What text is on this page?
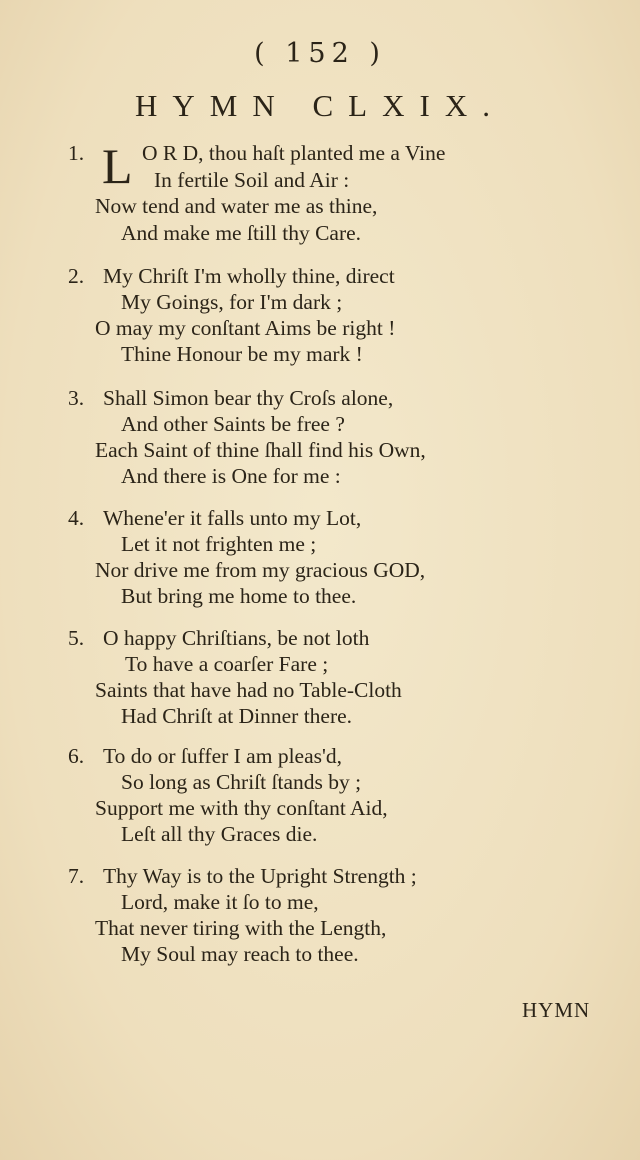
( 152 )
HYMN CLXIX.
1. L O R D, thou haſt planted me a Vine
In fertile Soil and Air :
Now tend and water me as thine,
And make me ſtill thy Care.
2. My Chriſt I'm wholly thine, direct
My Goings, for I'm dark ;
O may my conſtant Aims be right !
Thine Honour be my mark !
3. Shall Simon bear thy Croſs alone,
And other Saints be free ?
Each Saint of thine ſhall find his Own,
And there is One for me :
4. Whene'er it falls unto my Lot,
Let it not frighten me ;
Nor drive me from my gracious GOD,
But bring me home to thee.
5. O happy Chriſtians, be not loth
To have a coarſer Fare ;
Saints that have had no Table-Cloth
Had Chriſt at Dinner there.
6. To do or ſuffer I am pleas'd,
So long as Chriſt ſtands by ;
Support me with thy conſtant Aid,
Leſt all thy Graces die.
7. Thy Way is to the Upright Strength ;
Lord, make it ſo to me,
That never tiring with the Length,
My Soul may reach to thee.
HYMN
